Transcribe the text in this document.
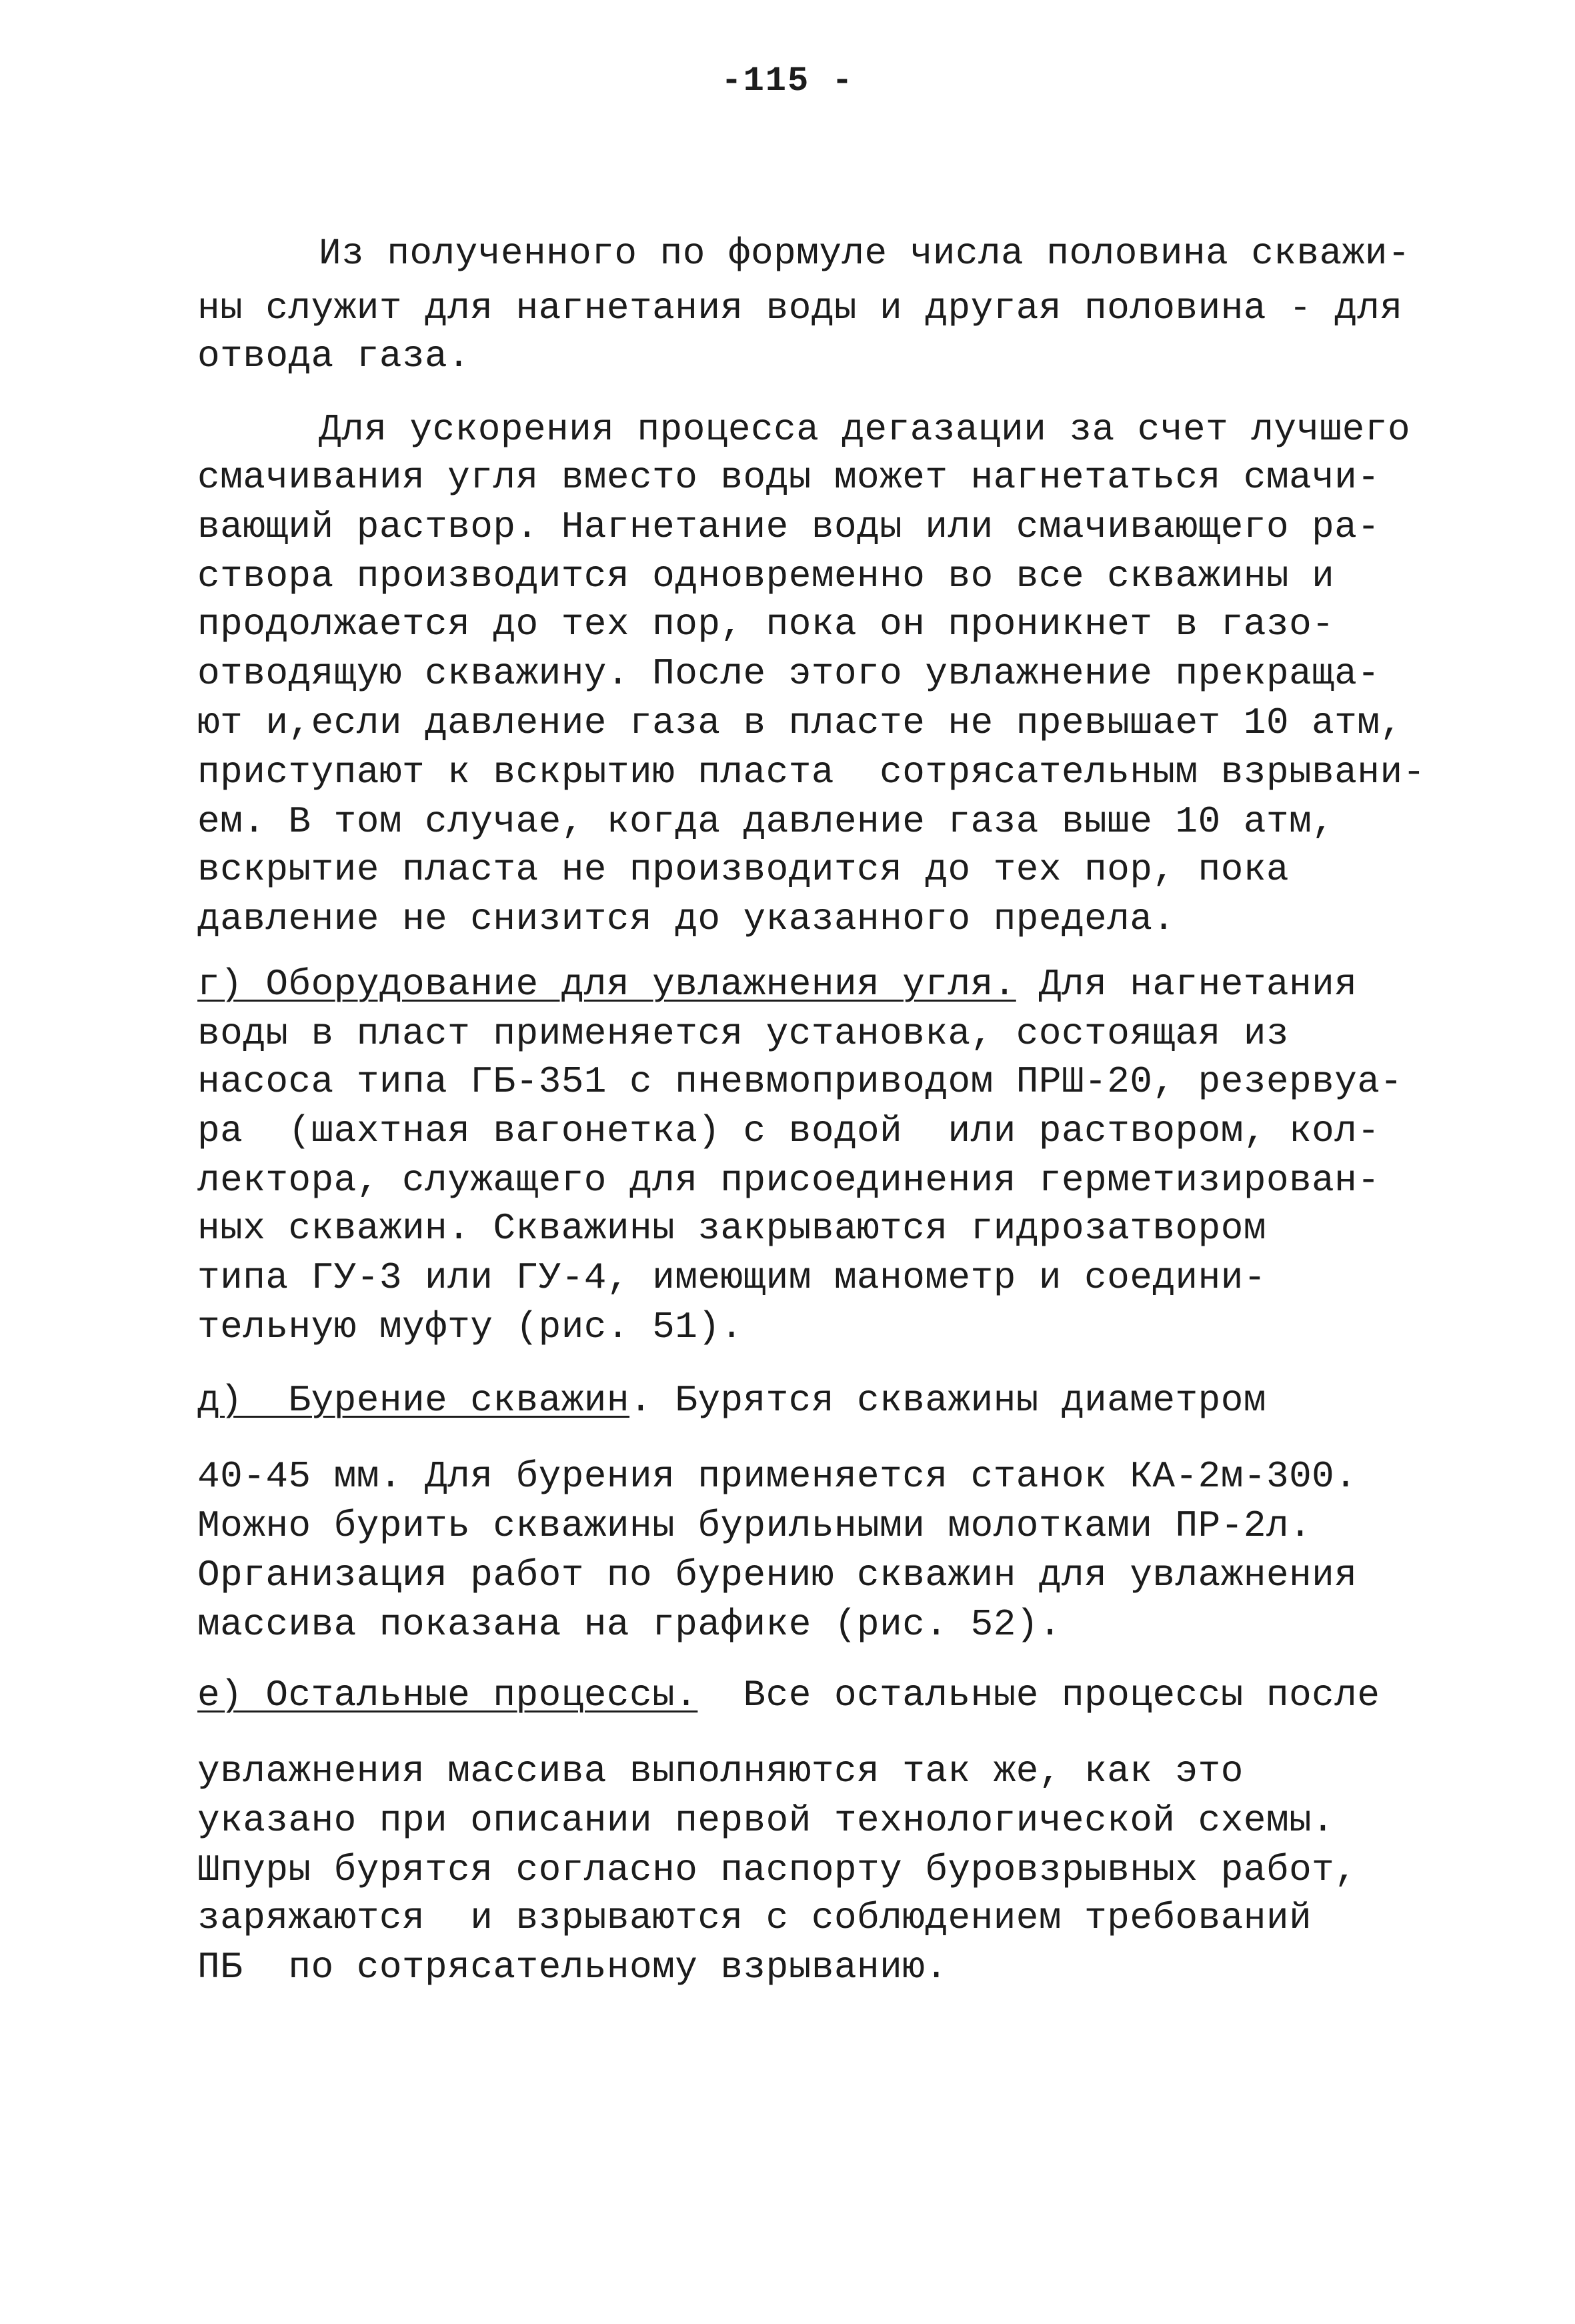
-115 -
Из полученного по формуле числа половина скважи-
ны служит для нагнетания воды и другая половина - для
отвода газа.
Для ускорения процесса дегазации за счет лучшего
смачивания угля вместо воды может нагнетаться смачи-
вающий раствор. Нагнетание воды или смачивающего ра-
створа производится одновременно во все скважины и
продолжается до тех пор, пока он проникнет в газо-
отводящую скважину. После этого увлажнение прекраща-
ют и,если давление газа в пласте не превышает 10 атм,
приступают к вскрытию пласта  сотрясательным взрывани-
ем. В том случае, когда давление газа выше 10 атм,
вскрытие пласта не производится до тех пор, пока
давление не снизится до указанного предела.
г) Оборудование для увлажнения угля. Для нагнетания
воды в пласт применяется установка, состоящая из
насоса типа ГБ-351 с пневмоприводом ПРШ-20, резервуа-
ра  (шахтная вагонетка) с водой  или раствором, кол-
лектора, служащего для присоединения герметизирован-
ных скважин. Скважины закрываются гидрозатвором
типа ГУ-3 или ГУ-4, имеющим манометр и соедини-
тельную муфту (рис. 51).
д)  Бурение скважин. Бурятся скважины диаметром
40-45 мм. Для бурения применяется станок КА-2м-300.
Можно бурить скважины бурильными молотками ПР-2л.
Организация работ по бурению скважин для увлажнения
массива показана на графике (рис. 52).
е) Остальные процессы.  Все остальные процессы после
увлажнения массива выполняются так же, как это
указано при описании первой технологической схемы.
Шпуры бурятся согласно паспорту буровзрывных работ,
заряжаются  и взрываются с соблюдением требований
ПБ  по сотрясательному взрыванию.
